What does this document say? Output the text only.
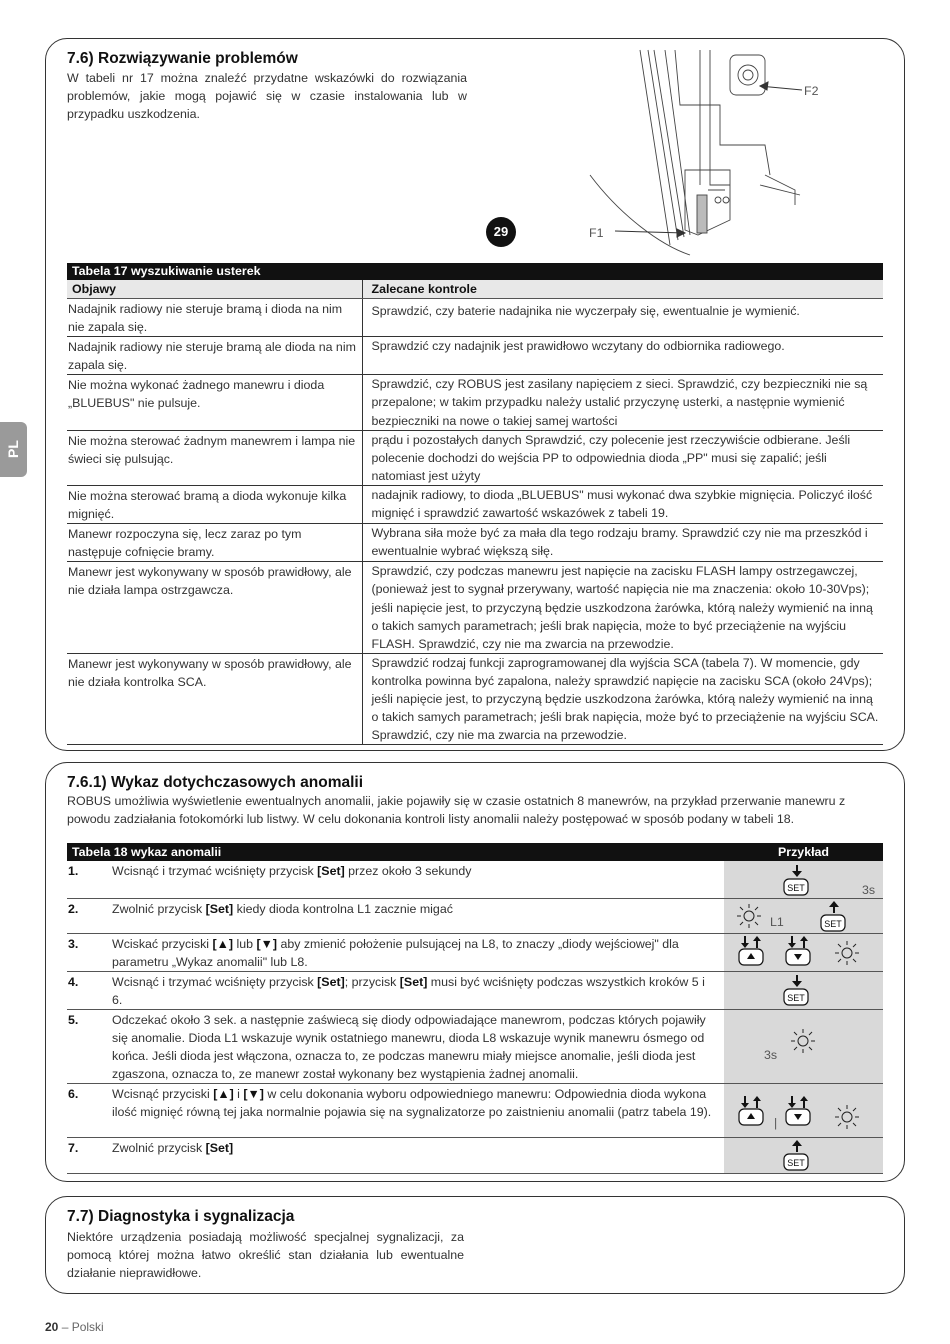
PL
7.6) Rozwiązywanie problemów

W tabeli nr 17 można znaleźć przydatne wskazówki do rozwiązania problemów, jakie mogą pojawić się w czasie instalowania lub w przypadku uszkodzenia.

F2
F1
29
Tabela 17 wyszukiwanie usterek	
Objawy	Zalecane kontrole
Nadajnik radiowy nie steruje bramą i dioda na nim nie zapala się.	Sprawdzić, czy baterie nadajnika nie wyczerpały się, ewentualnie je wymienić.
Nadajnik radiowy nie steruje bramą ale dioda na nim zapala się.	Sprawdzić czy nadajnik jest prawidłowo wczytany do odbiornika radiowego.
Nie można wykonać żadnego manewru i dioda „BLUEBUS" nie pulsuje.	Sprawdzić, czy ROBUS jest zasilany napięciem z sieci. Sprawdzić, czy bezpieczniki nie są przepalone; w takim przypadku należy ustalić przyczynę usterki, a następnie wymienić bezpieczniki na nowe o takiej samej wartości
Nie można sterować żadnym manewrem i lampa nie świeci się pulsując.	prądu i pozostałych danych Sprawdzić, czy polecenie jest rzeczywiście odbierane. Jeśli polecenie dochodzi do wejścia PP to odpowiednia dioda „PP" musi się zapalić; jeśli natomiast jest użyty
Nie można sterować bramą a dioda wykonuje kilka mignięć.	nadajnik radiowy, to dioda „BLUEBUS" musi wykonać dwa szybkie mignięcia. Policzyć ilość mignięć i sprawdzić zawartość wskazówek z tabeli 19.
Manewr rozpoczyna się, lecz zaraz po tym następuje cofnięcie bramy.	Wybrana siła może być za mała dla tego rodzaju bramy. Sprawdzić czy nie ma przeszkód i ewentualnie wybrać większą siłę.
Manewr jest wykonywany w sposób prawidłowy, ale nie działa lampa ostrzgawcza.	Sprawdzić, czy podczas manewru jest napięcie na zacisku FLASH lampy ostrzegawczej, (ponieważ jest to sygnał przerywany, wartość napięcia nie ma znaczenia: około 10-30Vps); jeśli napięcie jest, to przyczyną będzie uszkodzona żarówka, którą należy wymienić na inną o takich samych parametrach; jeśli brak napięcia, może to być przeciążenie na wyjściu FLASH. Sprawdzić, czy nie ma zwarcia na przewodzie.
Manewr jest wykonywany w sposób prawidłowy, ale nie działa kontrolka SCA.	Sprawdzić rodzaj funkcji zaprogramowanej dla wyjścia SCA (tabela 7). W momencie, gdy kontrolka powinna być zapalona, należy sprawdzić napięcie na zacisku SCA (około 24Vps); jeśli napięcie jest, to przyczyną będzie uszkodzona żarówka, którą należy wymienić na inną o takich samych parametrach; jeśli brak napięcia, może być to przeciążenie na wyjściu SCA. Sprawdzić, czy nie ma zwarcia na przewodzie.
7.6.1) Wykaz dotychczasowych anomalii

ROBUS umożliwia wyświetlenie ewentualnych anomalii, jakie pojawiły się w czasie ostatnich 8 manewrów, na przykład przerwanie manewru z powodu zadziałania fotokomórki lub listwy. W celu dokonania kontroli listy anomalii należy postępować w sposób podany w tabeli 18.

Tabela 18 wykaz anomalii		Przykład
1.	Wcisnąć i trzymać wciśnięty przycisk [Set] przez około 3 sekundy	SET 3s

2.	Zwolnić przycisk [Set] kiedy dioda kontrolna L1 zacznie migać	L1 SET

3.	Wciskać przyciski [▲] lub [▼] aby zmienić położenie pulsującej na L8, to znaczy „diody wejściowej" dla parametru „Wykaz anomalii" lub L8.	

4.	Wcisnąć i trzymać wciśnięty przycisk [Set]; przycisk [Set] musi być wciśnięty podczas wszystkich kroków 5 i 6.	SET

5.	Odczekać około 3 sek. a następnie zaświecą się diody odpowiadające manewrom, podczas których pojawiły się anomalie. Dioda L1 wskazuje wynik ostatniego manewru, dioda L8 wskazuje wynik manewru ósmego od końca. Jeśli dioda jest włączona, oznacza to, ze podczas manewru miały miejsce anomalie, jeśli dioda jest zgaszona, oznacza to, ze manewr został wykonany bez wystąpienia żadnej anomalii.	3s

6.	Wcisnąć przyciski [▲] i [▼] w celu dokonania wyboru odpowiedniego manewru: Odpowiednia dioda wykona ilość mignięć równą tej jaka normalnie pojawia się na sygnalizatorze po zaistnieniu anomalii (patrz tabela 19).	|

7.	Zwolnić przycisk [Set]	SET
7.7) Diagnostyka i sygnalizacja

Niektóre urządzenia posiadają możliwość specjalnej sygnalizacji, za pomocą której można łatwo określić stan działania lub ewentualne działanie nieprawidłowe.

20 – Polski
